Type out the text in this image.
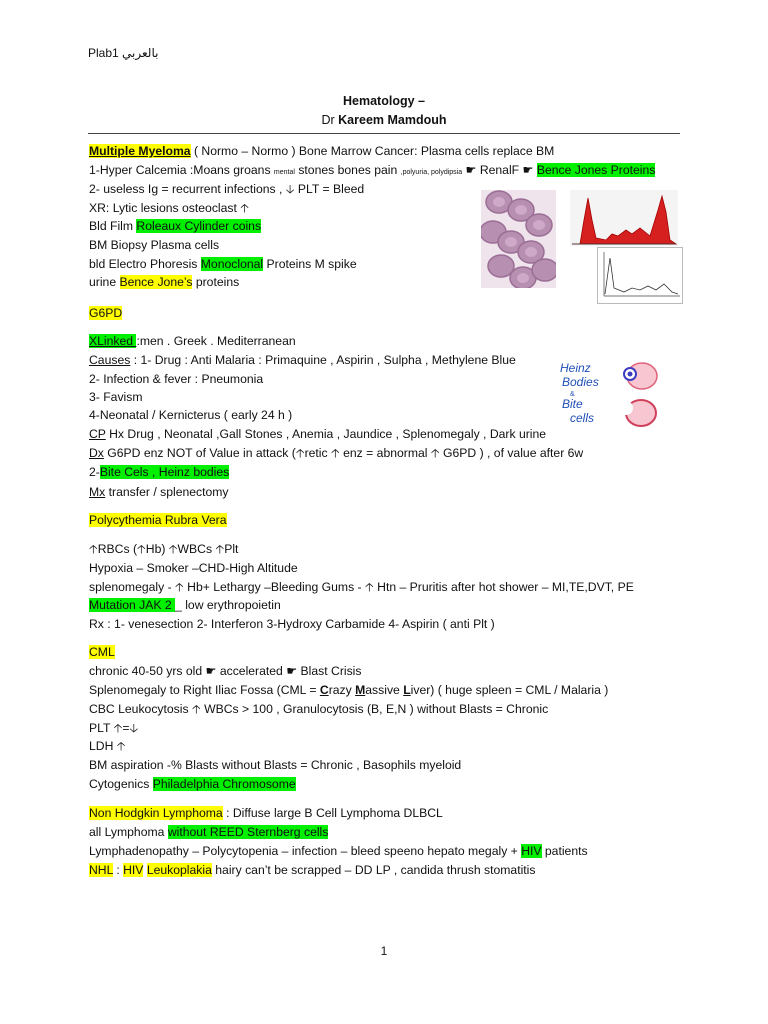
Plab1 بالعربي
Hematology –
Dr Kareem Mamdouh
Multiple Myeloma ( Normo – Normo ) Bone Marrow Cancer: Plasma cells replace BM
1-Hyper Calcemia :Moans groans mental stones bones pain ,polyuria, polydipsia ☛ RenalF ☛ Bence Jones Proteins
2- useless Ig = recurrent infections , 🡣 PLT = Bleed
XR: Lytic lesions osteoclast 🡡
Bld Film Roleaux Cylinder coins
BM Biopsy Plasma cells
bld Electro Phoresis Monoclonal Proteins M spike
urine Bence Jone’s proteins
G6PD
XLinked :men . Greek . Mediterranean
Causes : 1- Drug : Anti Malaria : Primaquine , Aspirin , Sulpha , Methylene Blue
2- Infection & fever : Pneumonia
3- Favism
4-Neonatal / Kernicterus ( early 24 h )
CP Hx Drug , Neonatal ,Gall Stones , Anemia , Jaundice , Splenomegaly , Dark urine
Dx G6PD enz NOT of Value in attack (🡡retic 🡡 enz = abnormal 🡡 G6PD ) , of value after 6w
2-Bite Cels , Heinz bodies
Mx transfer / splenectomy
Heinz
Bodies
&
Bite
cells
Polycythemia Rubra Vera
🡡RBCs (🡡Hb) 🡡WBCs 🡡Plt
Hypoxia – Smoker –CHD-High Altitude
splenomegaly - 🡡 Hb+ Lethargy –Bleeding Gums - 🡡 Htn – Pruritis after hot shower – MI,TE,DVT, PE
Mutation JAK 2 _ low erythropoietin
Rx : 1- venesection 2- Interferon 3-Hydroxy Carbamide 4- Aspirin ( anti Plt )
CML
chronic 40-50 yrs old ☛ accelerated ☛ Blast Crisis
Splenomegaly to Right Iliac Fossa (CML = Crazy Massive Liver) ( huge spleen = CML / Malaria )
CBC Leukocytosis 🡡 WBCs > 100 , Granulocytosis (B, E,N ) without Blasts = Chronic
PLT 🡡=🡣
LDH 🡡
BM aspiration -% Blasts without Blasts = Chronic , Basophils myeloid
Cytogenics Philadelphia Chromosome
Non Hodgkin Lymphoma : Diffuse large B Cell Lymphoma DLBCL
all Lymphoma without REED Sternberg cells
Lymphadenopathy – Polycytopenia – infection – bleed speeno hepato megaly + HIV patients
NHL : HIV Leukoplakia hairy can’t be scrapped – DD LP , candida thrush stomatitis
1
